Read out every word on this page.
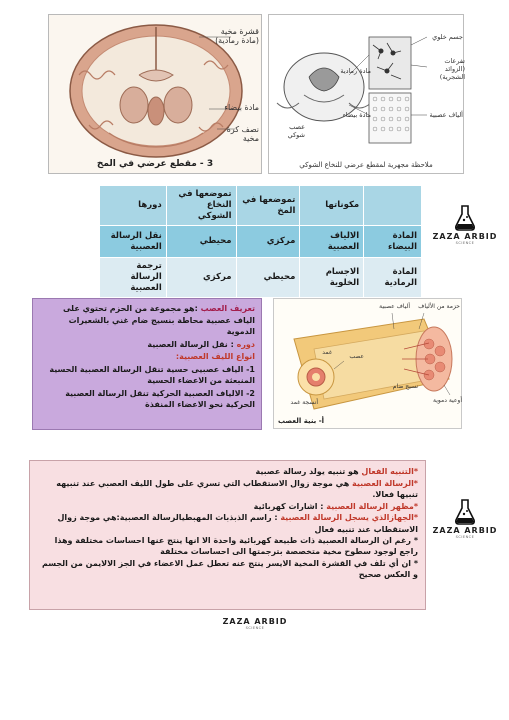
قشرة مخية
(مادة رمادية)
مادة بيضاء
نصف كرة
مخية
3 - مقطع عرضي في المخ
جسم خلوي
تفرعات
(الزوائد الشجرية)
مادة رمادية
مادة بيضاء	ألياف عصبية
عصب
شوكي
ملاحظة مجهرية لمقطع عرضي للنخاع الشوكي
	مكوناتها	تموضعها في المخ	تموضعها في النخاع الشوكي	دورها
المادة البيضاء	الالياف العصبية	مركزي	محيطي	نقل الرسالة العصبية
المادة الرمادية	الاجسام الخلوية	محيطي	مركزي	ترجمة الرسالة العصبية
ZAZA ARBID
SCIENCE

تعريف العصب :هو مجموعة من الحزم تحتوي على الياف عصبية محاطة بنسيج ضام غني بالشعيرات الدموية

دوره : نقل الرسالة العصبية

انواع الليف العصبية:

1- الياف عصبيى حسية تنقل الرسالة العصبية الحسية المنبعثة من الاعضاء الحسية

2- الالياف العصبية الحركية تنقل الرسالة العصبية الحركية نحو الاعضاء المنفذة

غمد
ألياف عصبية	حزمة من الألياف
عصب
أنسجة غمد	أوعية دموية
نسيج ضام
أ- بنية العصب
ZAZA ARBID
SCIENCE

*التنبيه الفعال هو تنبيه يولد رسالة عصبية

*الرسالة العصبية هي موجة زوال الاستقطاب التي تسري على طول الليف العصبي عند تنبيهه تنبيها فعالا.

*مظهر الرسالة العصبية : اشارات كهربائية

*الجهازالذي يسجل الرسالة العصبية : راسم الذبذبات المهبطيالرسالة العصبية:هي موجة زوال الاستقطاب عند تنبيه فعال

* رغم ان الرسالة العصبية ذات طبيعة كهربائية واحدة الا انها ينتج عنها احساسات مختلفة وهذا راجع لوجود سطوح مخية متخصصة بترجمتها الى احساسات مختلفة

* ان أي تلف في القشرة المخية الايسر ينتج عنه تعطل عمل الاعضاء في الجز الالايمن من الجسم و العكس صحيح

ZAZA ARBID
SCIENCE
